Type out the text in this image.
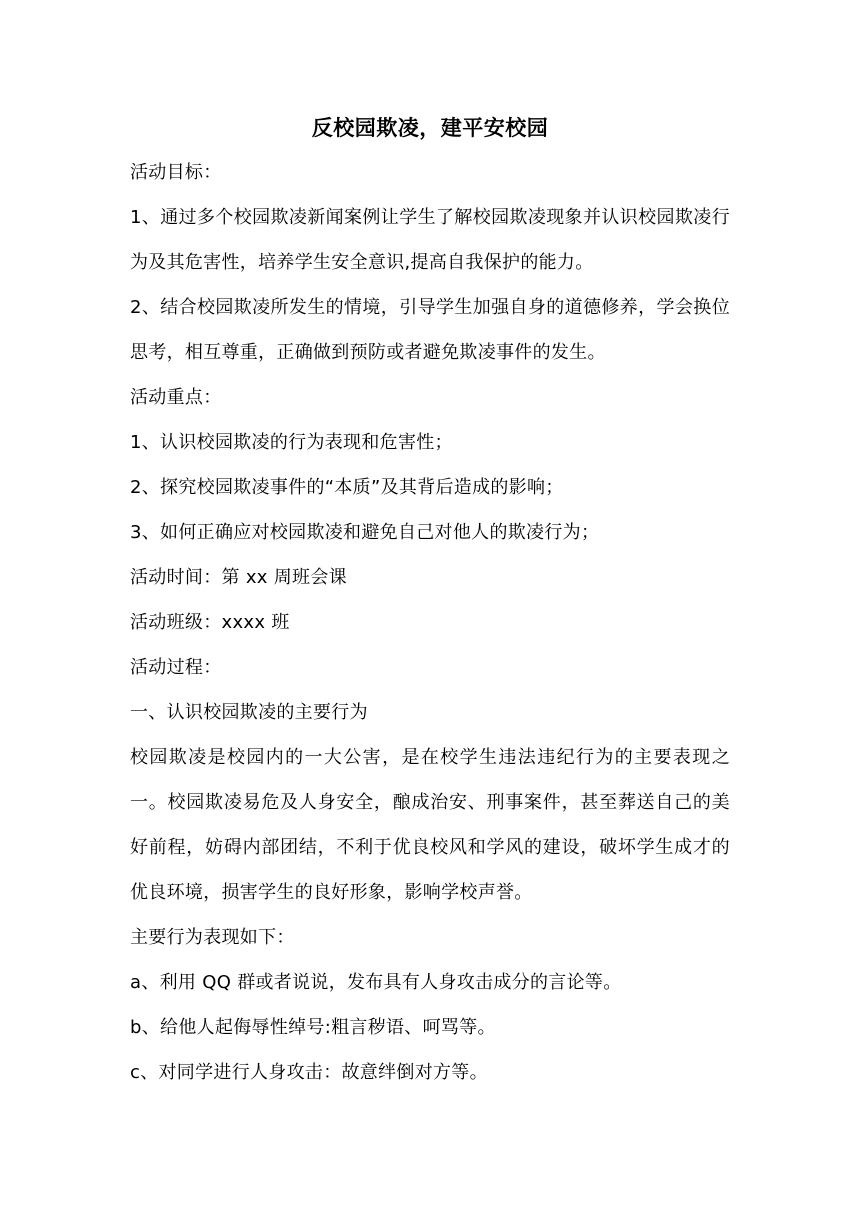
反校园欺凌，建平安校园

活动目标：

1、通过多个校园欺凌新闻案例让学生了解校园欺凌现象并认识校园欺凌行为及其危害性，培养学生安全意识,提高自我保护的能力。

2、结合校园欺凌所发生的情境，引导学生加强自身的道德修养，学会换位思考，相互尊重，正确做到预防或者避免欺凌事件的发生。

活动重点：

1、认识校园欺凌的行为表现和危害性；

2、探究校园欺凌事件的“本质”及其背后造成的影响；

3、如何正确应对校园欺凌和避免自己对他人的欺凌行为；

活动时间：第 xx 周班会课

活动班级：xxxx 班

活动过程：

一、认识校园欺凌的主要行为

校园欺凌是校园内的一大公害，是在校学生违法违纪行为的主要表现之一。校园欺凌易危及人身安全，酿成治安、刑事案件，甚至葬送自己的美好前程，妨碍内部团结，不利于优良校风和学风的建设，破坏学生成才的优良环境，损害学生的良好形象，影响学校声誉。

主要行为表现如下：

a、利用 QQ 群或者说说，发布具有人身攻击成分的言论等。

b、给他人起侮辱性绰号:粗言秽语、呵骂等。

c、对同学进行人身攻击：故意绊倒对方等。
